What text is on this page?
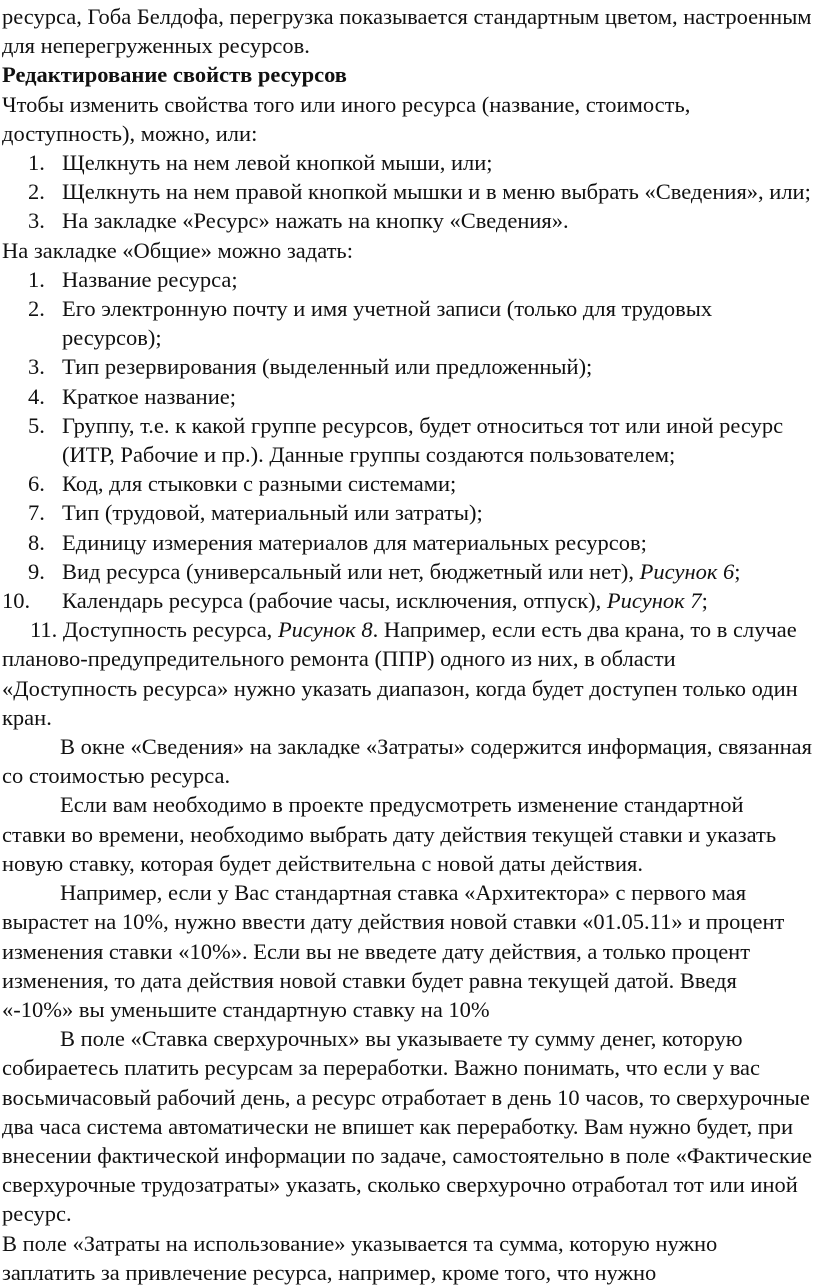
ресурса, Гоба Белдофа, перегрузка показывается стандартным цветом, настроенным для неперегруженных ресурсов.

Редактирование свойств ресурсов

Чтобы изменить свойства того или иного ресурса (название, стоимость, доступность), можно, или:

1. Щелкнуть на нем левой кнопкой мыши, или;
2. Щелкнуть на нем правой кнопкой мышки и в меню выбрать «Сведения», или;
3. На закладке «Ресурс» нажать на кнопку «Сведения».

На закладке «Общие» можно задать:

1. Название ресурса;
2. Его электронную почту и имя учетной записи (только для трудовых ресурсов);
3. Тип резервирования (выделенный или предложенный);
4. Краткое название;
5. Группу, т.е. к какой группе ресурсов, будет относиться тот или иной ресурс (ИТР, Рабочие и пр.). Данные группы создаются пользователем;
6. Код, для стыковки с разными системами;
7. Тип (трудовой, материальный или затраты);
8. Единицу измерения материалов для материальных ресурсов;
9. Вид ресурса (универсальный или нет, бюджетный или нет), Рисунок 6;
10. Календарь ресурса (рабочие часы, исключения, отпуск), Рисунок 7;
11. Доступность ресурса, Рисунок 8. Например, если есть два крана, то в случае планово-предупредительного ремонта (ППР) одного из них, в области «Доступность ресурса» нужно указать диапазон, когда будет доступен только один кран.

В окне «Сведения» на закладке «Затраты» содержится информация, связанная со стоимостью ресурса.

Если вам необходимо в проекте предусмотреть изменение стандартной ставки во времени, необходимо выбрать дату действия текущей ставки и указать новую ставку, которая будет действительна с новой даты действия.

Например, если у Вас стандартная ставка «Архитектора» с первого мая вырастет на 10%, нужно ввести дату действия новой ставки «01.05.11» и процент изменения ставки «10%». Если вы не введете дату действия, а только процент изменения, то дата действия новой ставки будет равна текущей датой. Введя «-10%» вы уменьшите стандартную ставку на 10%

В поле «Ставка сверхурочных» вы указываете ту сумму денег, которую собираетесь платить ресурсам за переработки. Важно понимать, что если у вас восьмичасовый рабочий день, а ресурс отработает в день 10 часов, то сверхурочные два часа система автоматически не впишет как переработку. Вам нужно будет, при внесении фактической информации по задаче, самостоятельно в поле «Фактические сверхурочные трудозатраты» указать, сколько сверхурочно отработал тот или иной ресурс.

В поле «Затраты на использование» указывается та сумма, которую нужно заплатить за привлечение ресурса, например, кроме того, что нужно
